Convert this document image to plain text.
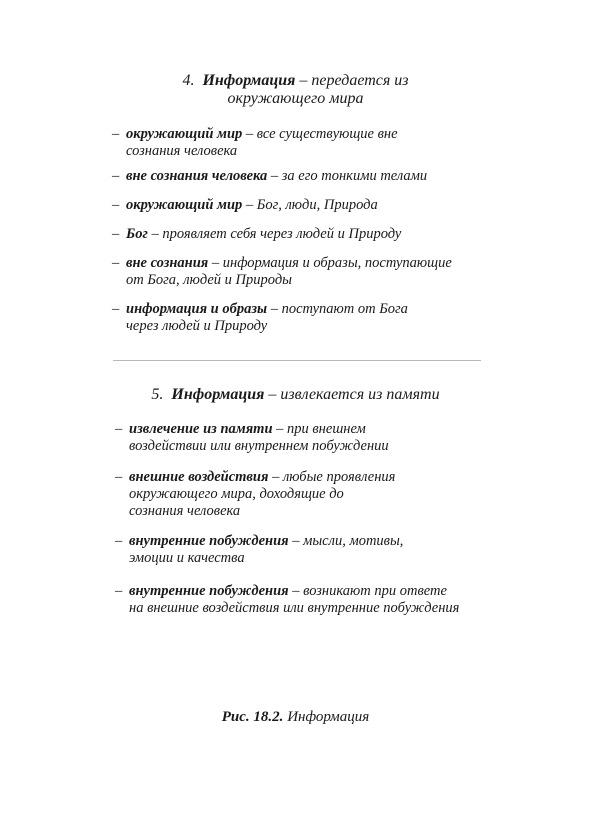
4. Информация – передается из
окружающего мира
– окружающий мир – все существующие вне
сознания человека
– вне сознания человека – за его тонкими телами
– окружающий мир – Бог, люди, Природа
– Бог – проявляет себя через людей и Природу
– вне сознания – информация и образы, поступающие
от Бога, людей и Природы
– информация и образы – поступают от Бога
через людей и Природу
5. Информация – извлекается из памяти
– извлечение из памяти – при внешнем
воздействии или внутреннем побуждении
– внешние воздействия – любые проявления
окружающего мира, доходящие до
сознания человека
– внутренние побуждения – мысли, мотивы,
эмоции и качества
– внутренние побуждения – возникают при ответе
на внешние воздействия или внутренние побуждения
Рис. 18.2. Информация
